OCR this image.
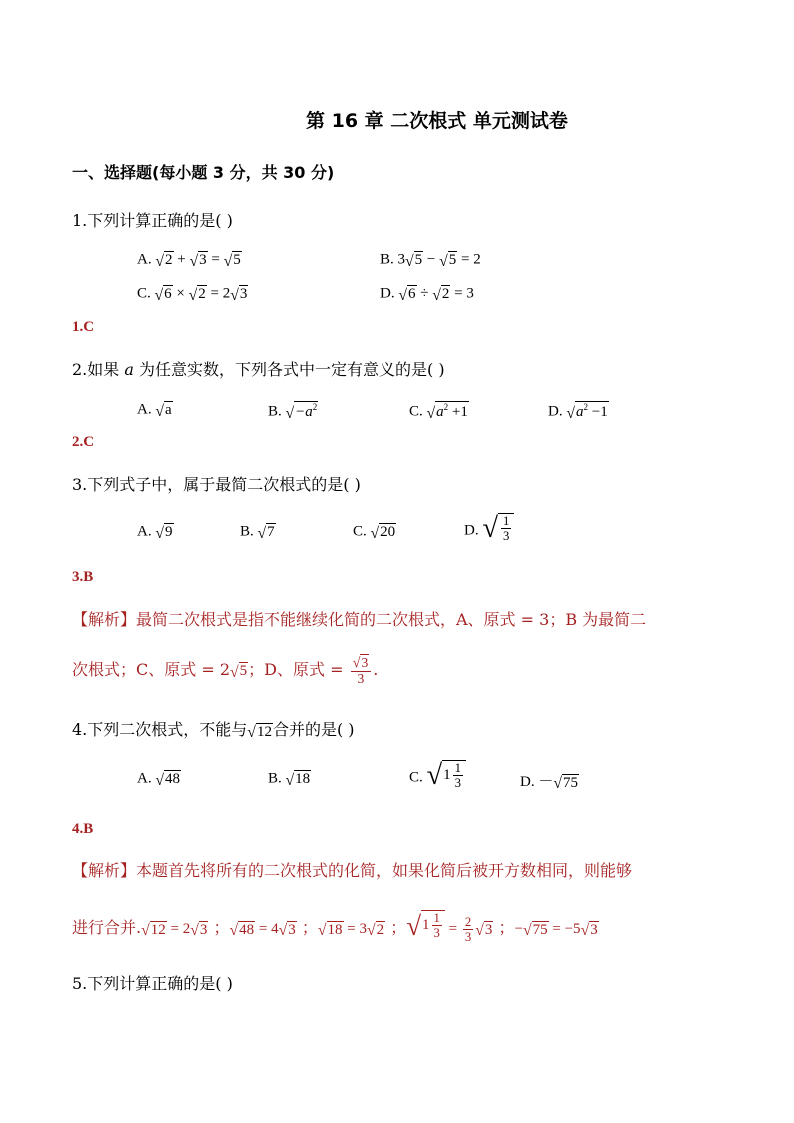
第 16 章 二次根式 单元测试卷
一、选择题(每小题 3 分，共 30 分)
1.下列计算正确的是( )
A. √ 2 + √ 3 = √ 5	B. 3 √ 5 − √ 5 = 2
C. √ 6 × √ 2 = 2 √ 3	D. √ 6 ÷ √ 2 = 3
1.C
2.如果 a 为任意实数，下列各式中一定有意义的是( )
A. √ a	B. √ $-a^2$	C. √ $a^2 +1$	D. √ $a^2 -1$
2.C
3.下列式子中，属于最简二次根式的是( )
A. √ 9	B. √ 7	C. √ 20	D. √ $\frac{1}{3}$
3.B
【解析】最简二次根式是指不能继续化简的二次根式，A、原式 = 3；B 为最简二
次根式；C、原式 = 2 √ 5 ；D、原式 = $\frac{√ 3}{3}$ .
4.下列二次根式，不能与 √ 12 合并的是( )
A. √ 48	B. √ 18	C. √ $1 \frac{1}{3}$	D. － √ 75
4.B
【解析】本题首先将所有的二次根式的化简，如果化简后被开方数相同，则能够
进行合并. √ 12 = 2 √ 3 ； √ 48 = 4 √ 3 ； √ 18 = 3 √ 2 ； √ $1 \frac{1}{3} = \frac{2}{3}$ √ 3 ；− √ 75 = −5 √ 3
5.下列计算正确的是( )
